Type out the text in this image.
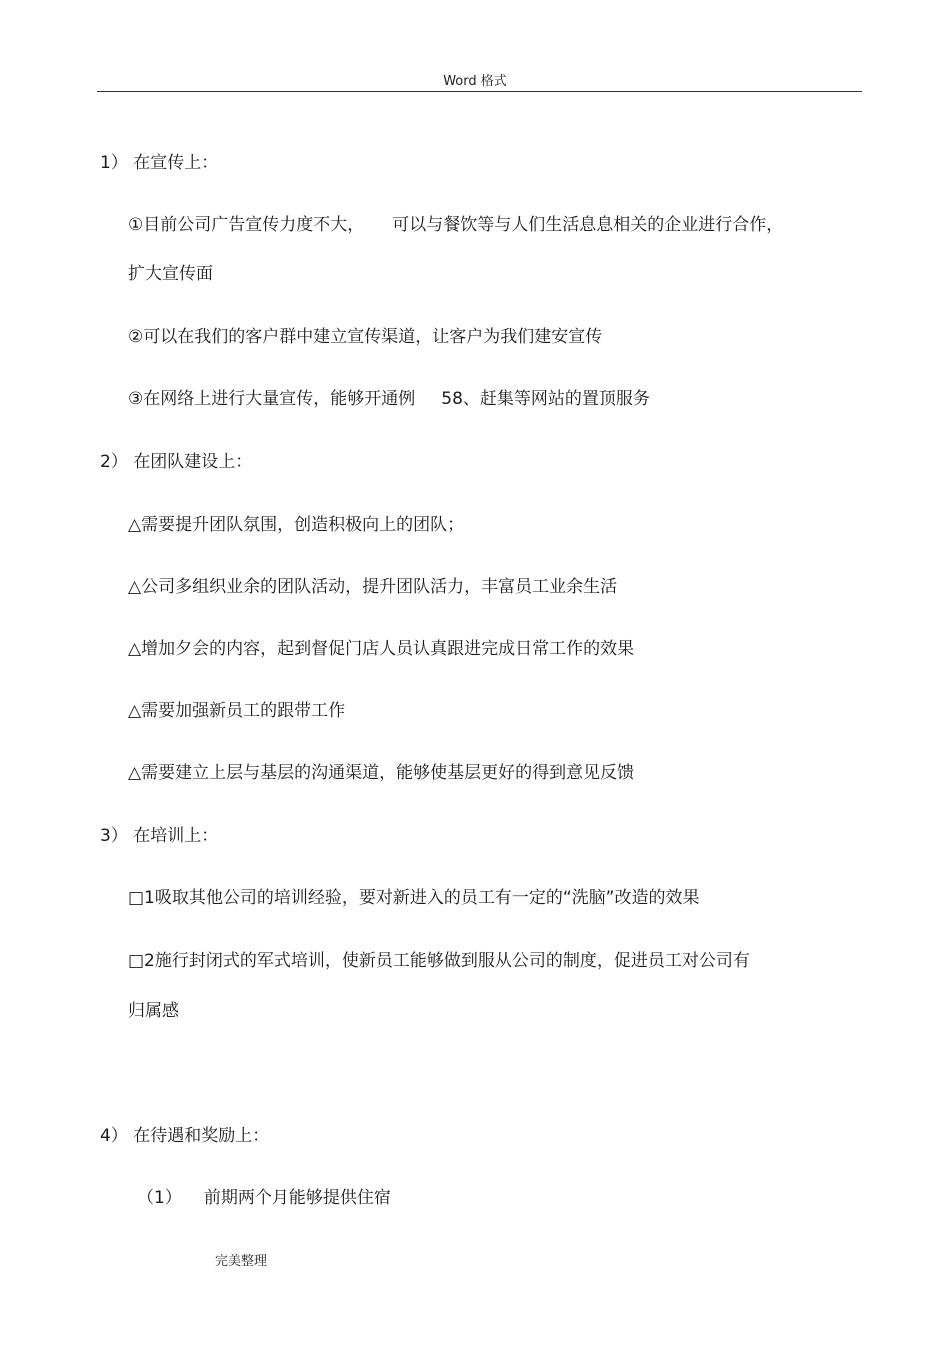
Word 格式
1） 在宣传上：
①目前公司广告宣传力度不大， 可以与餐饮等与人们生活息息相关的企业进行合作，
扩大宣传面
②可以在我们的客户群中建立宣传渠道，让客户为我们建安宣传
③在网络上进行大量宣传，能够开通例 58、赶集等网站的置顶服务
2） 在团队建设上：
△需要提升团队氛围，创造积极向上的团队；
△公司多组织业余的团队活动，提升团队活力，丰富员工业余生活
△增加夕会的内容，起到督促门店人员认真跟进完成日常工作的效果
△需要加强新员工的跟带工作
△需要建立上层与基层的沟通渠道，能够使基层更好的得到意见反馈
3） 在培训上：
□1吸取其他公司的培训经验，要对新进入的员工有一定的“洗脑”改造的效果
□2施行封闭式的军式培训，使新员工能够做到服从公司的制度，促进员工对公司有
归属感
4） 在待遇和奖励上：
（1） 前期两个月能够提供住宿
完美整理
